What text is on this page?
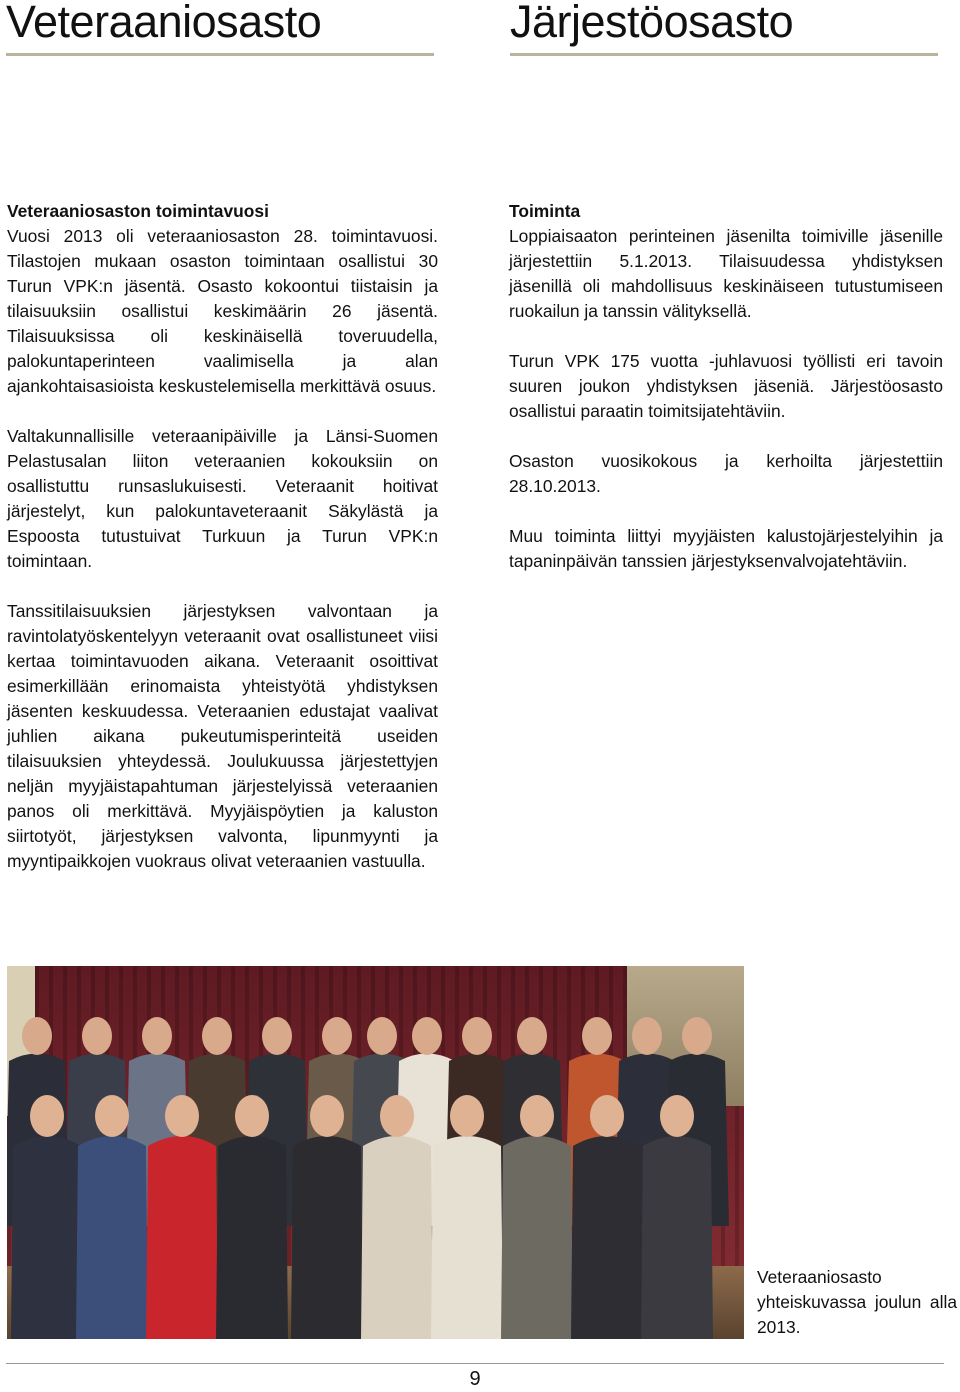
Veteraaniosasto	Järjestöosasto
Veteraaniosaston toimintavuosi

Vuosi 2013 oli veteraaniosaston 28. toimintavuosi. Tilastojen mukaan osaston toimintaan osallistui 30 Turun VPK:n jäsentä. Osasto kokoontui tiistaisin ja tilaisuuksiin osallistui keskimäärin 26 jäsentä. Tilaisuuksissa oli keskinäisellä toveruudella, palokuntaperinteen vaalimisella ja alan ajankohtaisasioista keskustelemisella merkittävä osuus.

Valtakunnallisille veteraanipäiville ja Länsi-Suomen Pelastusalan liiton veteraanien kokouksiin on osallistuttu runsaslukuisesti. Veteraanit hoitivat järjestelyt, kun palokuntaveteraanit Säkylästä ja Espoosta tutustuivat Turkuun ja Turun VPK:n toimintaan.

Tanssitilaisuuksien järjestyksen valvontaan ja ravintolatyöskentelyyn veteraanit ovat osallistuneet viisi kertaa toimintavuoden aikana. Veteraanit osoittivat esimerkillään erinomaista yhteistyötä yhdistyksen jäsenten keskuudessa. Veteraanien edustajat vaalivat juhlien aikana pukeutumisperinteitä useiden tilaisuuksien yhteydessä. Joulukuussa järjestettyjen neljän myyjäistapahtuman järjestelyissä veteraanien panos oli merkittävä. Myyjäispöytien ja kaluston siirtotyöt, järjestyksen valvonta, lipunmyynti ja myyntipaikkojen vuokraus olivat veteraanien vastuulla.

Toiminta

Loppiaisaaton perinteinen jäsenilta toimiville jäsenille järjestettiin 5.1.2013. Tilaisuudessa yhdistyksen jäsenillä oli mahdollisuus keskinäiseen tutustumiseen ruokailun ja tanssin välityksellä.

Turun VPK 175 vuotta -juhlavuosi työllisti eri tavoin suuren joukon yhdistyksen jäseniä. Järjestöosasto osallistui paraatin toimitsijatehtäviin.

Osaston vuosikokous ja kerhoilta järjestettiin 28.10.2013.

Muu toiminta liittyi myyjäisten kalustojärjestelyihin ja tapaninpäivän tanssien järjestyksenvalvojatehtäviin.

Veteraaniosasto yhteiskuvassa joulun alla 2013.

9
